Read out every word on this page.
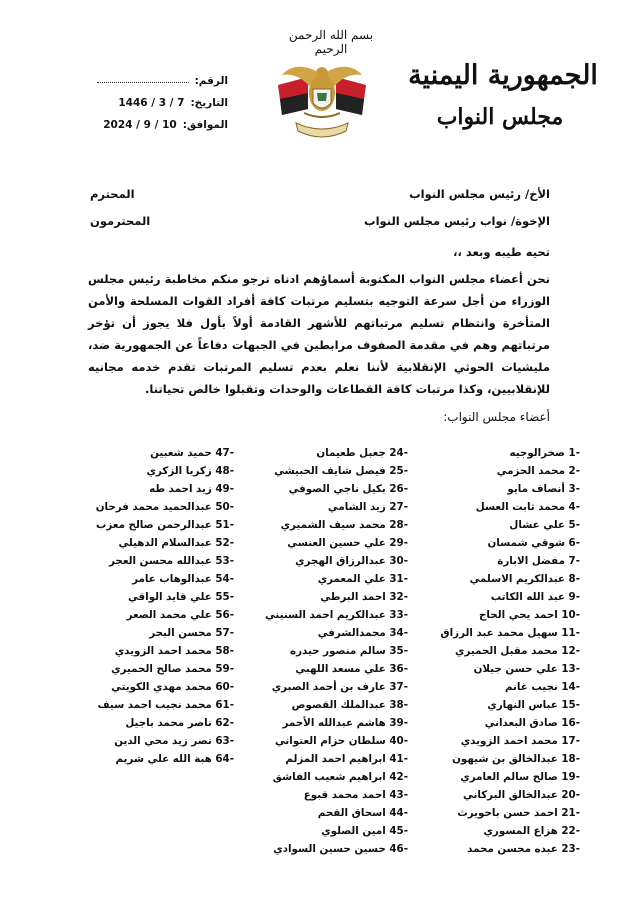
الجمهورية اليمنية
مجلس النواب
بسم الله الرحمن الرحيم
الرقم:
التاريخ:
1446 / 3 / 7
الموافق:
2024 / 9 / 10
الأخ/ رئيس مجلس النواب
المحترم
الإخوة/ نواب رئيس مجلس النواب
المحترمون
تحيه طيبه وبعد ،،
نحن أعضاء مجلس النواب المكتوبة أسماؤهم ادناه ترجو منكم مخاطبة رئيس مجلس الوزراء من أجل سرعة التوجيه بتسليم مرتبات كافة أفراد القوات المسلحة والأمن المتأخرة وانتظام تسليم مرتباتهم للأشهر القادمة أولاً بأول فلا يجوز أن تؤخر مرتباتهم وهم في مقدمة الصفوف مرابطين في الجبهات دفاعاً عن الجمهورية ضد، مليشيات الحوثي الإنقلابية لأننا نعلم بعدم تسليم المرتبات تقدم خدمه مجانيه للإنقلابيين، وكذا مرتبات كافة القطاعات والوحدات وتقبلوا خالص تحياتنا.
أعضاء مجلس النواب:
1- صخرالوجيه
2- محمد الحزمي
3- أنصاف مايو
4- محمد ثابت العسل
5- علي عشال
6- شوقي شمسان
7- مفضل الابارة
8- عبدالكريم الاسلمي
9- عبد الله الكاتب
10- احمد يحي الحاج
11- سهيل محمد عبد الرزاق
12- محمد مقبل الحميري
13- علي حسن جيلان
14- نجيب غانم
15- عباس النهاري
16- صادق البعداني
17- محمد احمد الزويدي
18- عبدالخالق بن شيهون
19- صالح سالم العامري
20- عبدالخالق البركاني
21- احمد حسن باحويرث
22- هزاع المسوري
23- عبده محسن محمد
24- جعبل طعيمان
25- فيصل شايف الحبيشي
26- بكيل ناجي الصوفي
27- زيد الشامي
28- محمد سيف الشميري
29- علي حسين العنسي
30- عبدالرزاق الهجري
31- علي المعمري
32- احمد البرطي
33- عبدالكريم احمد السنيني
34- محمدالشرفي
35- سالم منصور حيدره
36- علي مسعد اللهبي
37- عارف بن أحمد الصبري
38- عبدالملك القصوص
39- هاشم عبدالله الأحمر
40- سلطان حزام العتواني
41- ابراهيم احمد المزلم
42- ابراهيم شعيب الفاشق
43- احمد محمد قبوع
44- اسحاق القحم
45- امين الصلوي
46- حسين حسين السوادي
47- حميد شعبين
48- زكريا الزكري
49- زيد احمد طه
50- عبدالحميد محمد فرحان
51- عبدالرحمن صالح معزب
52- عبدالسلام الدهيلي
53- عبدالله محسن العجر
54- عبدالوهاب عامر
55- علي قايد الواقي
56- علي محمد الصعر
57- محسن البحر
58- محمد احمد الزويدي
59- محمد صالح الحميري
60- محمد مهدي الكويتي
61- محمد نجيب احمد سيف
62- ناصر محمد باجيل
63- نصر زيد محي الدين
64- هبة الله علي شريم
